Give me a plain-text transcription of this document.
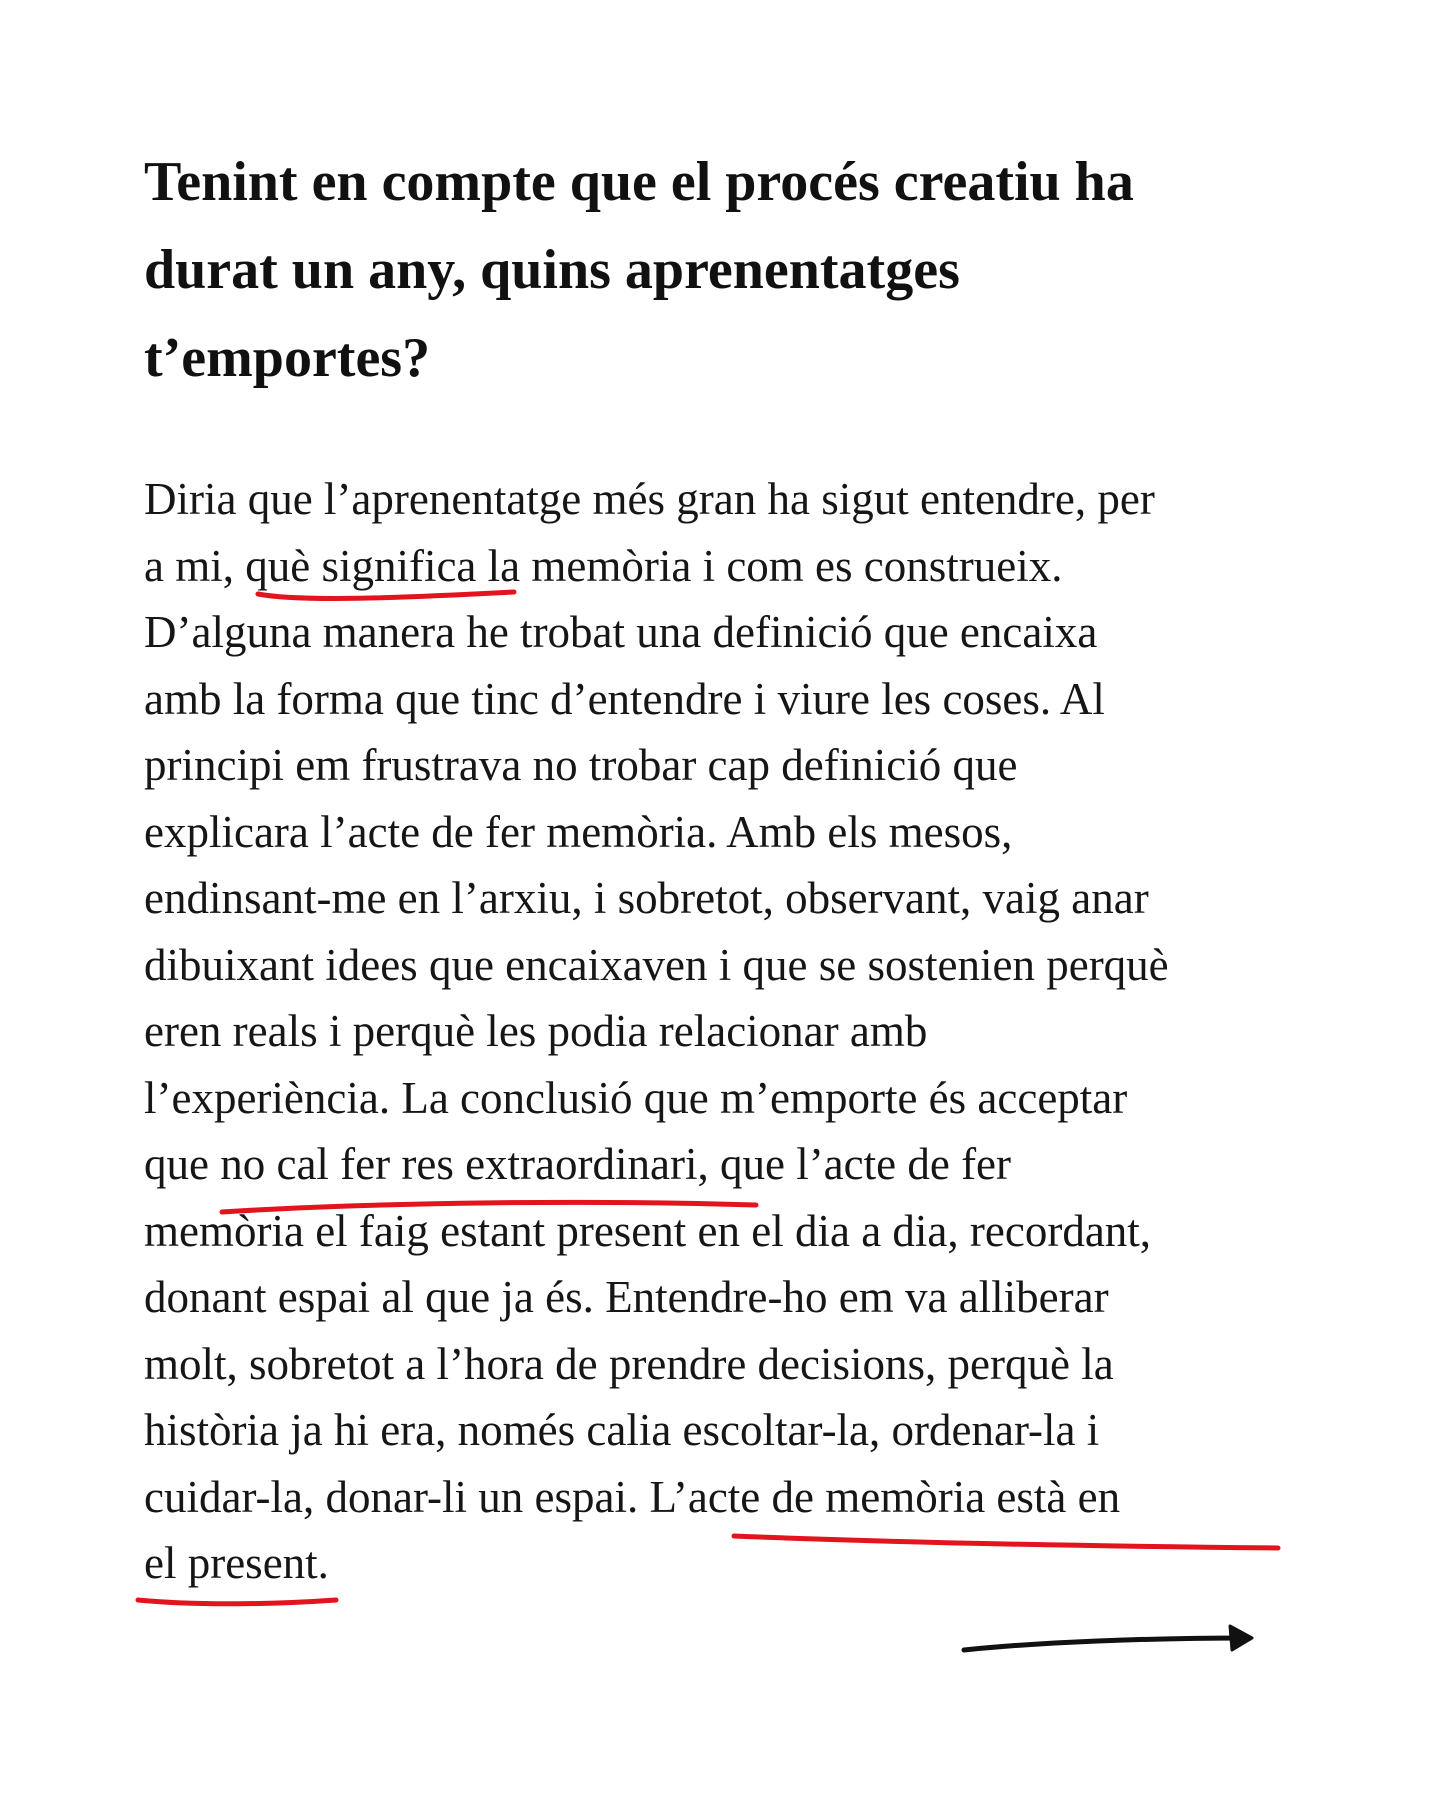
Tenint en compte que el procés creatiu ha
durat un any, quins aprenentatges
t’emportes?
Diria que l’aprenentatge més gran ha sigut entendre, per
a mi, què significa la memòria i com es construeix.
D’alguna manera he trobat una definició que encaixa
amb la forma que tinc d’entendre i viure les coses. Al
principi em frustrava no trobar cap definició que
explicara l’acte de fer memòria. Amb els mesos,
endinsant-me en l’arxiu, i sobretot, observant, vaig anar
dibuixant idees que encaixaven i que se sostenien perquè
eren reals i perquè les podia relacionar amb
l’experiència. La conclusió que m’emporte és acceptar
que no cal fer res extraordinari, que l’acte de fer
memòria el faig estant present en el dia a dia, recordant,
donant espai al que ja és. Entendre-ho em va alliberar
molt, sobretot a l’hora de prendre decisions, perquè la
història ja hi era, només calia escoltar-la, ordenar-la i
cuidar-la, donar-li un espai. L’acte de memòria està en
el present.
